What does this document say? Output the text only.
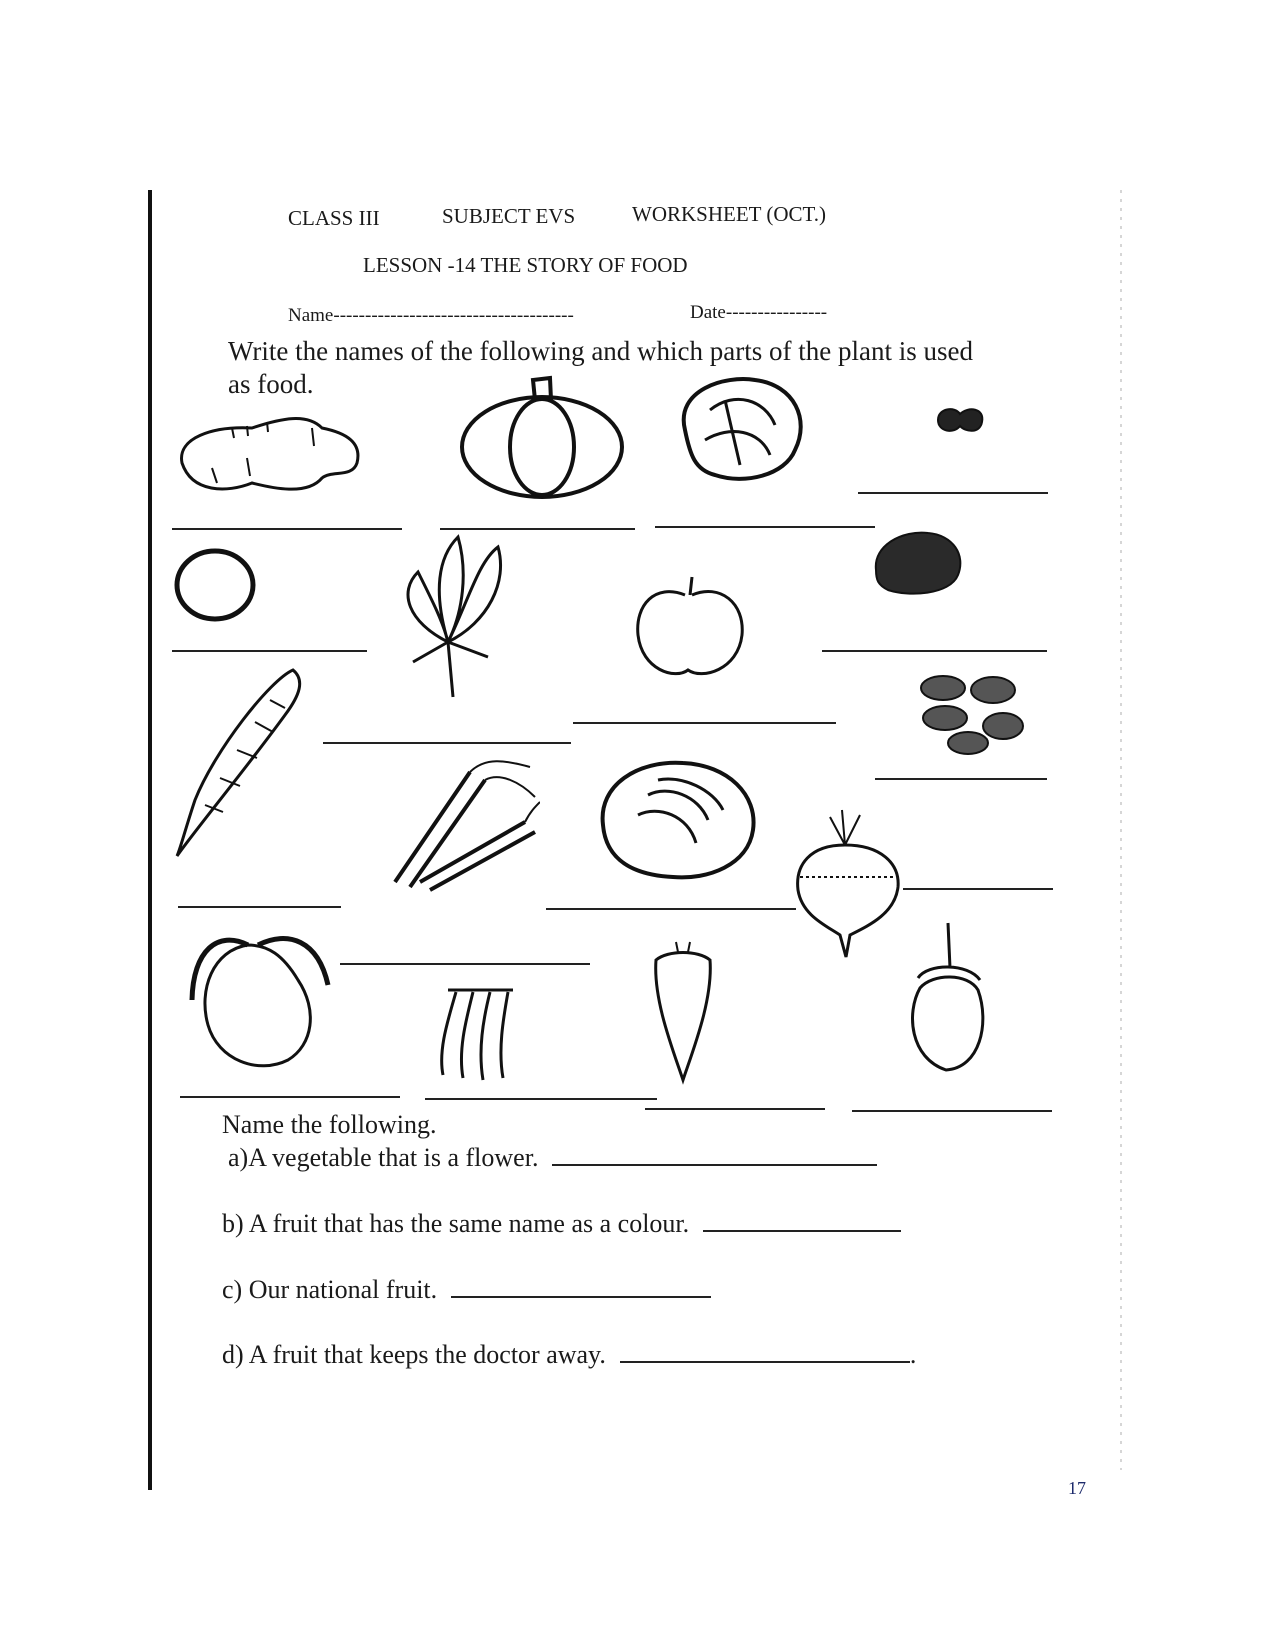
CLASS III	SUBJECT EVS	WORKSHEET (OCT.)
LESSON -14 THE STORY OF FOOD
Name--------------------------------------	Date----------------
Write the names of the following and which parts of the plant is used as food.
Name the following.
a)A vegetable that is a flower.
b) A fruit that has the same name as a colour.
c) Our national fruit.
d) A fruit that keeps the doctor away.	.
17
